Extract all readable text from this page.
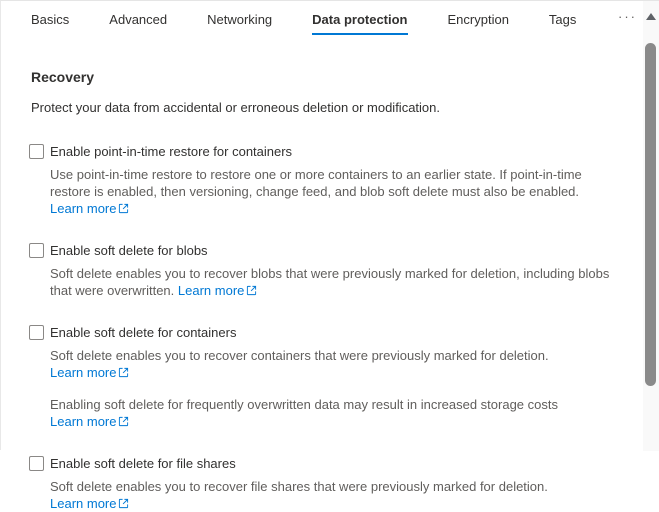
Basics	Advanced	Networking	Data protection	Encryption	Tags	···
Recovery

Protect your data from accidental or erroneous deletion or modification.

Enable point-in-time restore for containers

Use point-in-time restore to restore one or more containers to an earlier state. If point-in-time restore is enabled, then versioning, change feed, and blob soft delete must also be enabled. Learn more

Enable soft delete for blobs

Soft delete enables you to recover blobs that were previously marked for deletion, including blobs that were overwritten. Learn more

Enable soft delete for containers

Soft delete enables you to recover containers that were previously marked for deletion. Learn more

Enabling soft delete for frequently overwritten data may result in increased storage costs Learn more

Enable soft delete for file shares

Soft delete enables you to recover file shares that were previously marked for deletion. Learn more
